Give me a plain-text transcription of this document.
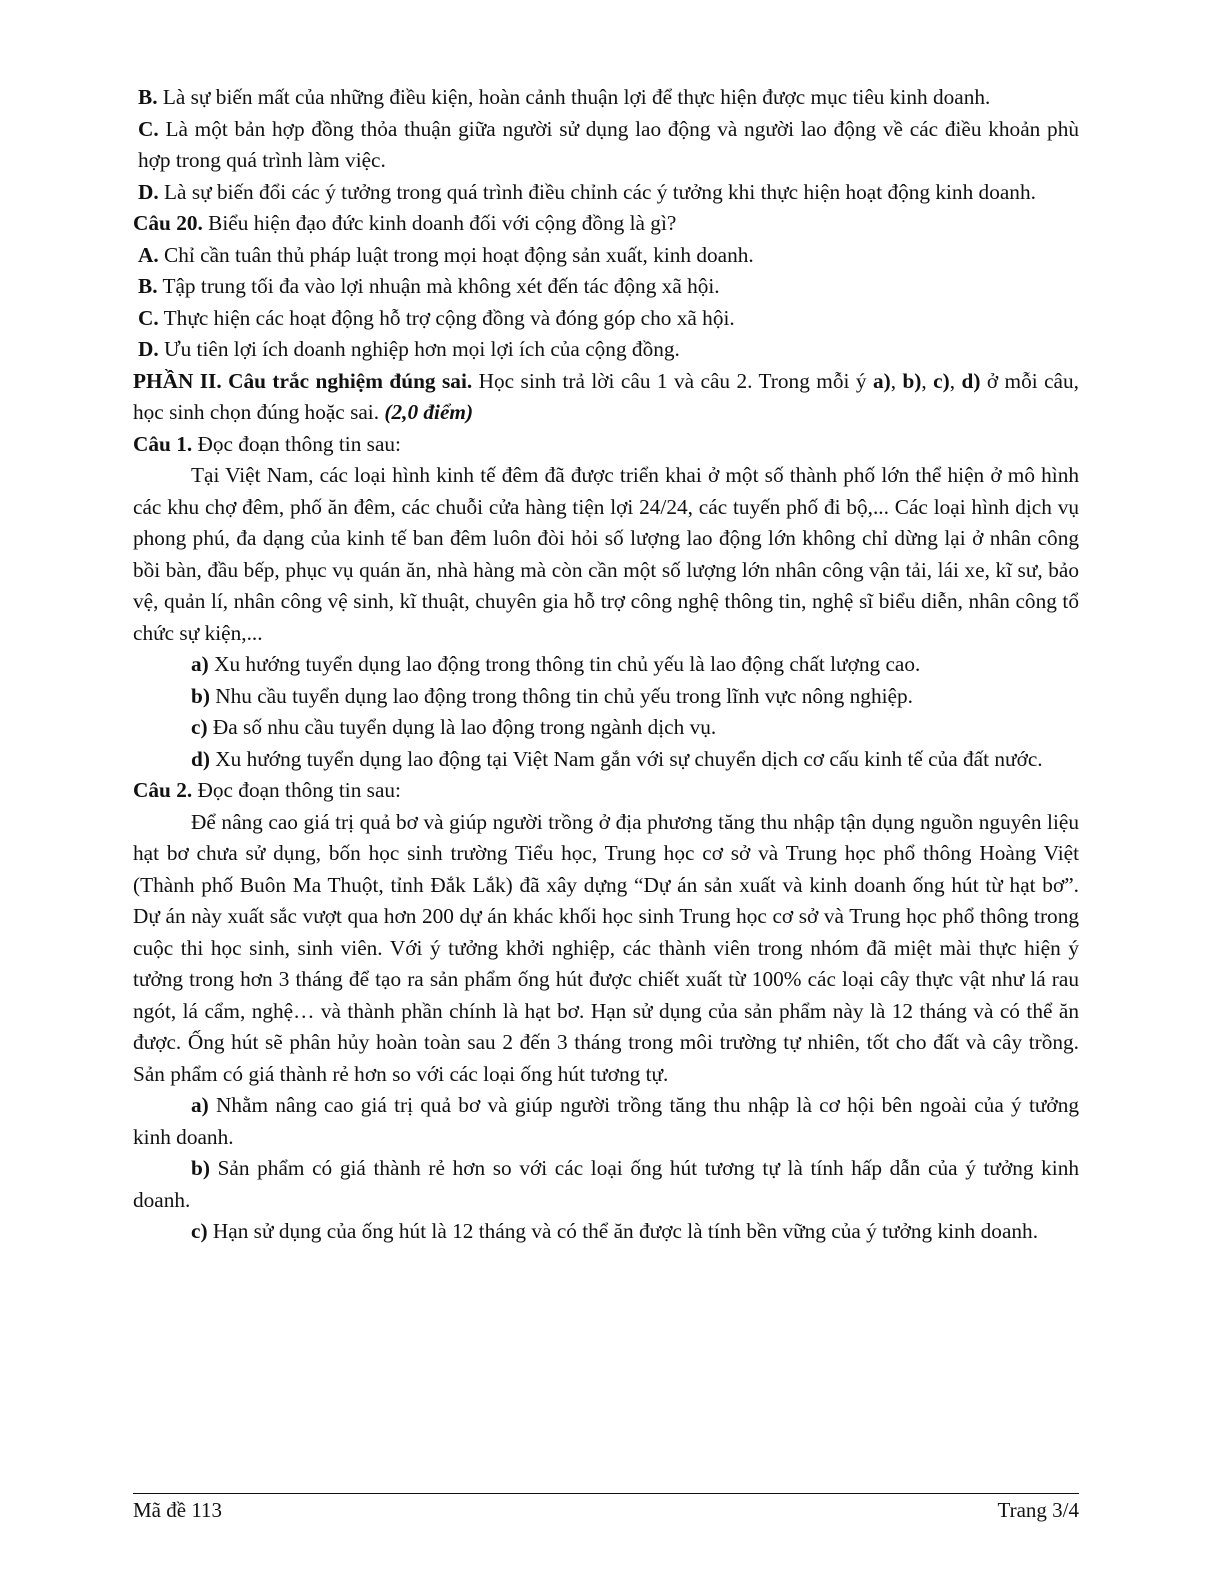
B. Là sự biến mất của những điều kiện, hoàn cảnh thuận lợi để thực hiện được mục tiêu kinh doanh.

C. Là một bản hợp đồng thỏa thuận giữa người sử dụng lao động và người lao động về các điều khoản phù hợp trong quá trình làm việc.

D. Là sự biến đổi các ý tưởng trong quá trình điều chỉnh các ý tưởng khi thực hiện hoạt động kinh doanh.

Câu 20. Biểu hiện đạo đức kinh doanh đối với cộng đồng là gì?

A. Chỉ cần tuân thủ pháp luật trong mọi hoạt động sản xuất, kinh doanh.

B. Tập trung tối đa vào lợi nhuận mà không xét đến tác động xã hội.

C. Thực hiện các hoạt động hỗ trợ cộng đồng và đóng góp cho xã hội.

D. Ưu tiên lợi ích doanh nghiệp hơn mọi lợi ích của cộng đồng.

PHẦN II. Câu trắc nghiệm đúng sai. Học sinh trả lời câu 1 và câu 2. Trong mỗi ý a), b), c), d) ở mỗi câu, học sinh chọn đúng hoặc sai. (2,0 điểm)

Câu 1. Đọc đoạn thông tin sau:

Tại Việt Nam, các loại hình kinh tế đêm đã được triển khai ở một số thành phố lớn thể hiện ở mô hình các khu chợ đêm, phố ăn đêm, các chuỗi cửa hàng tiện lợi 24/24, các tuyến phố đi bộ,... Các loại hình dịch vụ phong phú, đa dạng của kinh tế ban đêm luôn đòi hỏi số lượng lao động lớn không chỉ dừng lại ở nhân công bồi bàn, đầu bếp, phục vụ quán ăn, nhà hàng mà còn cần một số lượng lớn nhân công vận tải, lái xe, kĩ sư, bảo vệ, quản lí, nhân công vệ sinh, kĩ thuật, chuyên gia hỗ trợ công nghệ thông tin, nghệ sĩ biểu diễn, nhân công tổ chức sự kiện,...

a) Xu hướng tuyển dụng lao động trong thông tin chủ yếu là lao động chất lượng cao.

b) Nhu cầu tuyển dụng lao động trong thông tin chủ yếu trong lĩnh vực nông nghiệp.

c) Đa số nhu cầu tuyển dụng là lao động trong ngành dịch vụ.

d) Xu hướng tuyển dụng lao động tại Việt Nam gắn với sự chuyển dịch cơ cấu kinh tế của đất nước.

Câu 2. Đọc đoạn thông tin sau:

Để nâng cao giá trị quả bơ và giúp người trồng ở địa phương tăng thu nhập tận dụng nguồn nguyên liệu hạt bơ chưa sử dụng, bốn học sinh trường Tiểu học, Trung học cơ sở và Trung học phổ thông Hoàng Việt (Thành phố Buôn Ma Thuột, tỉnh Đắk Lắk) đã xây dựng “Dự án sản xuất và kinh doanh ống hút từ hạt bơ”. Dự án này xuất sắc vượt qua hơn 200 dự án khác khối học sinh Trung học cơ sở và Trung học phổ thông trong cuộc thi học sinh, sinh viên. Với ý tưởng khởi nghiệp, các thành viên trong nhóm đã miệt mài thực hiện ý tưởng trong hơn 3 tháng để tạo ra sản phẩm ống hút được chiết xuất từ 100% các loại cây thực vật như lá rau ngót, lá cẩm, nghệ… và thành phần chính là hạt bơ. Hạn sử dụng của sản phẩm này là 12 tháng và có thể ăn được. Ống hút sẽ phân hủy hoàn toàn sau 2 đến 3 tháng trong môi trường tự nhiên, tốt cho đất và cây trồng. Sản phẩm có giá thành rẻ hơn so với các loại ống hút tương tự.

a) Nhằm nâng cao giá trị quả bơ và giúp người trồng tăng thu nhập là cơ hội bên ngoài của ý tưởng kinh doanh.

b) Sản phẩm có giá thành rẻ hơn so với các loại ống hút tương tự là tính hấp dẫn của ý tưởng kinh doanh.

c) Hạn sử dụng của ống hút là 12 tháng và có thể ăn được là tính bền vững của ý tưởng kinh doanh.

Mã đề 113	Trang 3/4
